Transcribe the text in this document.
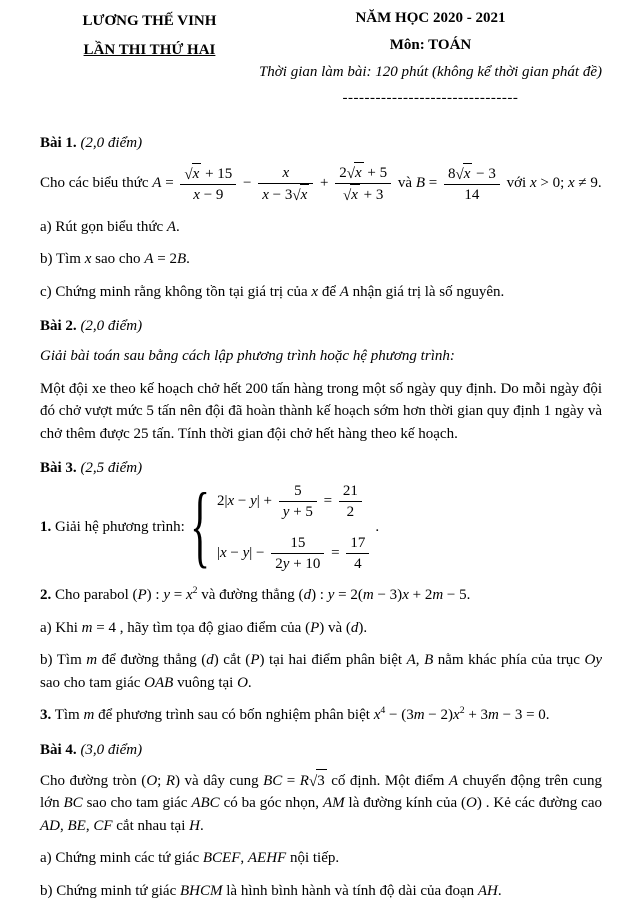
LƯƠNG THẾ VINH
LẦN THI THỨ HAI
NĂM HỌC 2020 - 2021
Môn: TOÁN
Thời gian làm bài: 120 phút (không kể thời gian phát đề)
--------------------------------
Bài 1. (2,0 điểm)
Cho các biểu thức $A = \frac{√x + 15}{x - 9} - \frac{x}{x - 3√x} + \frac{2√x + 5}{√x + 3}$ và $B = \frac{8√x - 3}{14}$ với x > 0; x ≠ 9.
a) Rút gọn biểu thức A.
b) Tìm x sao cho A = 2B.
c) Chứng minh rằng không tồn tại giá trị của x để A nhận giá trị là số nguyên.
Bài 2. (2,0 điểm)
Giải bài toán sau bằng cách lập phương trình hoặc hệ phương trình:
Một đội xe theo kế hoạch chở hết 200 tấn hàng trong một số ngày quy định. Do mỗi ngày đội đó chở vượt mức 5 tấn nên đội đã hoàn thành kế hoạch sớm hơn thời gian quy định 1 ngày và chở thêm được 25 tấn. Tính thời gian đội chở hết hàng theo kế hoạch.
Bài 3. (2,5 điểm)
1. Giải hệ phương trình: { $2|x - y| + \frac{5}{y + 5} = \frac{21}{2}$
$|x - y| - \frac{15}{2y + 10} = \frac{17}{4}$
.
2. Cho parabol (P) : $y = x^2$ và đường thẳng (d) : y = 2(m − 3)x + 2m − 5.
a) Khi m = 4 , hãy tìm tọa độ giao điểm của (P) và (d).
b) Tìm m để đường thẳng (d) cắt (P) tại hai điểm phân biệt A, B nằm khác phía của trục Oy sao cho tam giác OAB vuông tại O.
3. Tìm m để phương trình sau có bốn nghiệm phân biệt $x^4 - (3m - 2)x^2 + 3m - 3 = 0$.
Bài 4. (3,0 điểm)
Cho đường tròn (O; R) và dây cung BC = R√3 cố định. Một điểm A chuyển động trên cung lớn BC sao cho tam giác ABC có ba góc nhọn, AM là đường kính của (O) . Kẻ các đường cao AD, BE, CF cắt nhau tại H.
a) Chứng minh các tứ giác BCEF, AEHF nội tiếp.
b) Chứng minh tứ giác BHCM là hình bình hành và tính độ dài của đoạn AH.
